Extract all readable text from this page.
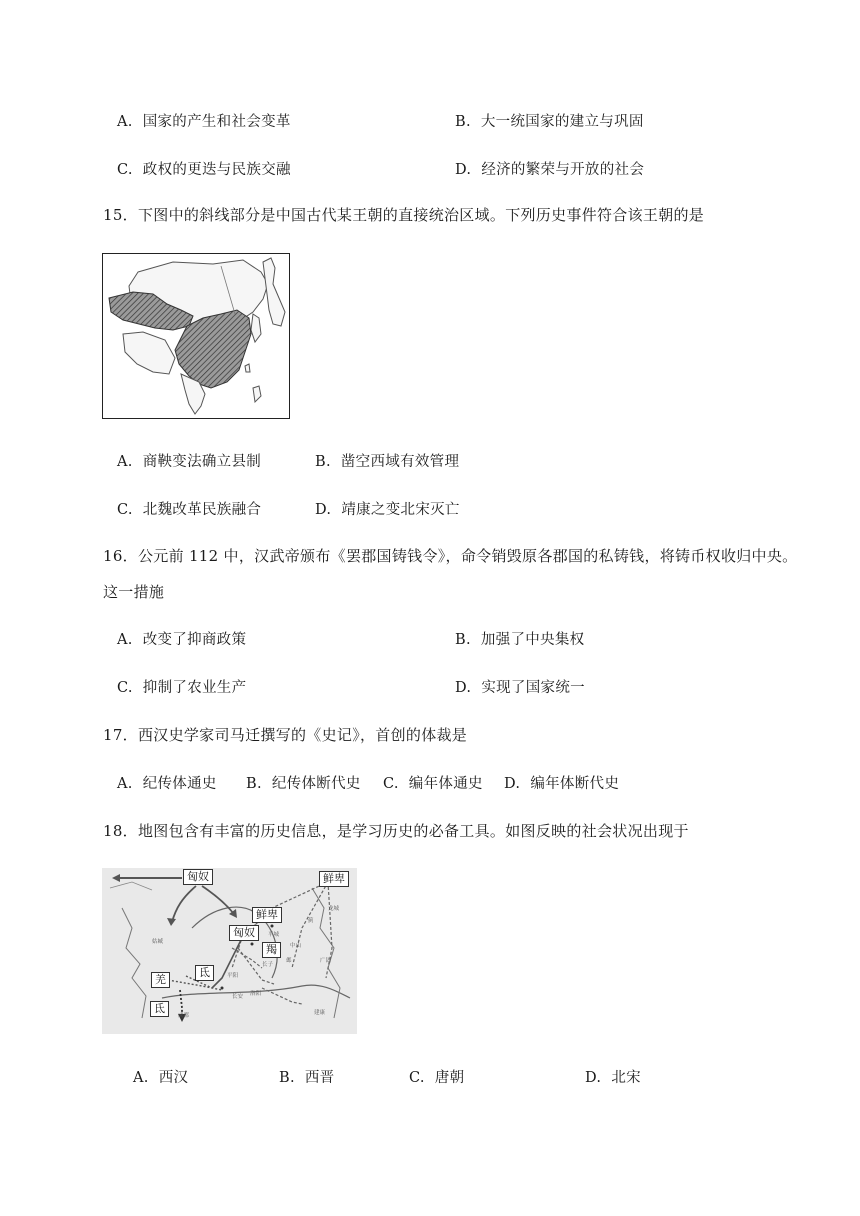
A. 国家的产生和社会变革	B. 大一统国家的建立与巩固
C. 政权的更迭与民族交融	D. 经济的繁荣与开放的社会
15．下图中的斜线部分是中国古代某王朝的直接统治区域。下列历史事件符合该王朝的是
A. 商鞅变法确立县制	B. 凿空西域有效管理
C. 北魏改革民族融合	D. 靖康之变北宋灭亡
16．公元前 112 中，汉武帝颁布《罢郡国铸钱令》，命令销毁原各郡国的私铸钱，将铸币权收归中央。
这一措施
A. 改变了抑商政策	B. 加强了中央集权
C. 抑制了农业生产	D. 实现了国家统一
17．西汉史学家司马迁撰写的《史记》，首创的体裁是
A. 纪传体通史 B. 纪传体断代史 C. 编年体通史 D. 编年体断代史
18．地图包含有丰富的历史信息，是学习历史的必备工具。如图反映的社会状况出现于
匈奴	鲜卑
鲜卑
匈奴
羯
羌
氐
氐
姑臧
平城
中山
长子
平阳
洛阳
长安
成都
广固
建康
蓟
邺
龙城
A. 西汉	B. 西晋	C. 唐朝	D. 北宋
